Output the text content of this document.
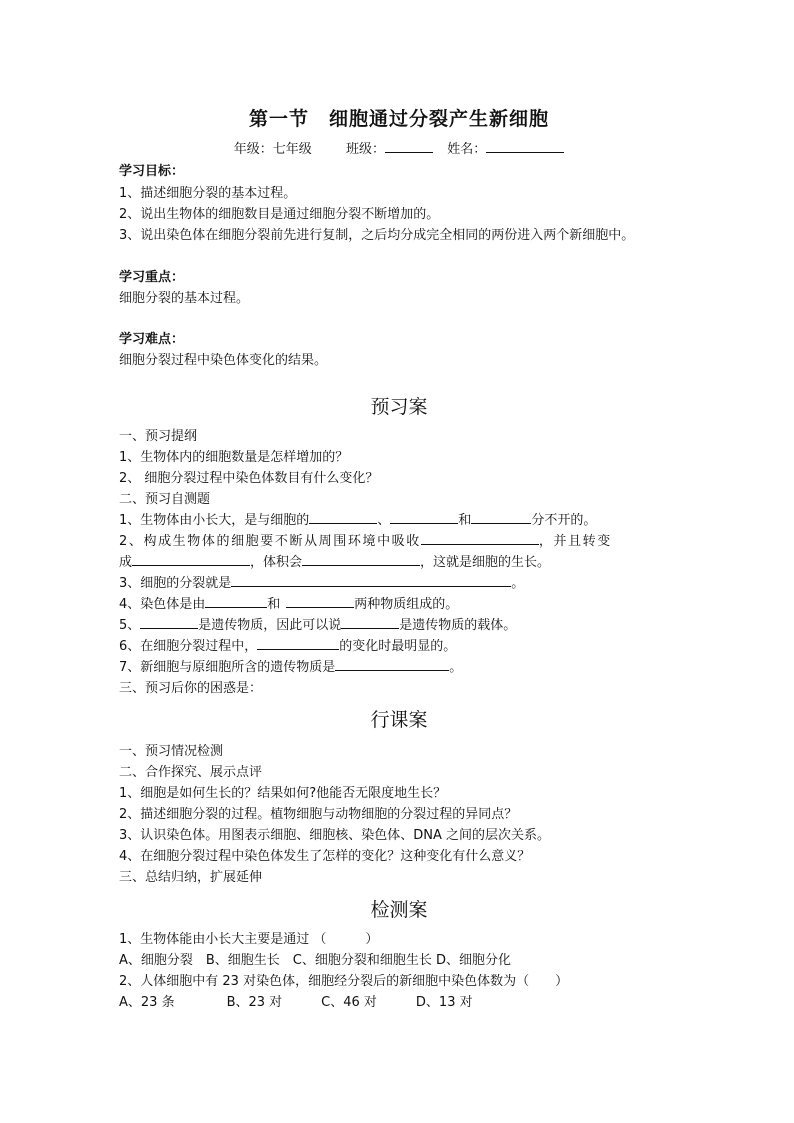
第一节　细胞通过分裂产生新细胞
年级：七年级	班级：	姓名：
学习目标：
1、描述细胞分裂的基本过程。
2、说出生物体的细胞数目是通过细胞分裂不断增加的。
3、说出染色体在细胞分裂前先进行复制，之后均分成完全相同的两份进入两个新细胞中。
学习重点：
细胞分裂的基本过程。
学习难点：
细胞分裂过程中染色体变化的结果。
预习案
一、预习提纲
1、生物体内的细胞数量是怎样增加的？
2、 细胞分裂过程中染色体数目有什么变化？
二、预习自测题
1、生物体由小长大，是与细胞的	、	和	分不开的。
2、构成生物体的细胞要不断从周围环境中吸收	，并且转变
成	，体积会	，这就是细胞的生长。
3、细胞的分裂就是	。
4、染色体是由	和	两种物质组成的。
5、	是遗传物质，因此可以说	是遗传物质的载体。
6、在细胞分裂过程中，	的变化时最明显的。
7、新细胞与原细胞所含的遗传物质是	。
三、预习后你的困惑是：
行课案
一、预习情况检测
二、合作探究、展示点评
1、细胞是如何生长的？结果如何?他能否无限度地生长？
2、描述细胞分裂的过程。植物细胞与动物细胞的分裂过程的异同点？
3、认识染色体。用图表示细胞、细胞核、染色体、DNA 之间的层次关系。
4、在细胞分裂过程中染色体发生了怎样的变化？这种变化有什么意义？
三、总结归纳，扩展延伸
检测案
1、生物体能由小长大主要是通过 （　　　）
A、细胞分裂　B、细胞生长　C、细胞分裂和细胞生长 D、细胞分化
2、人体细胞中有 23 对染色体，细胞经分裂后的新细胞中染色体数为（　　）
A、23 条　　　　B、23 对　　　C、46 对　　　D、13 对
